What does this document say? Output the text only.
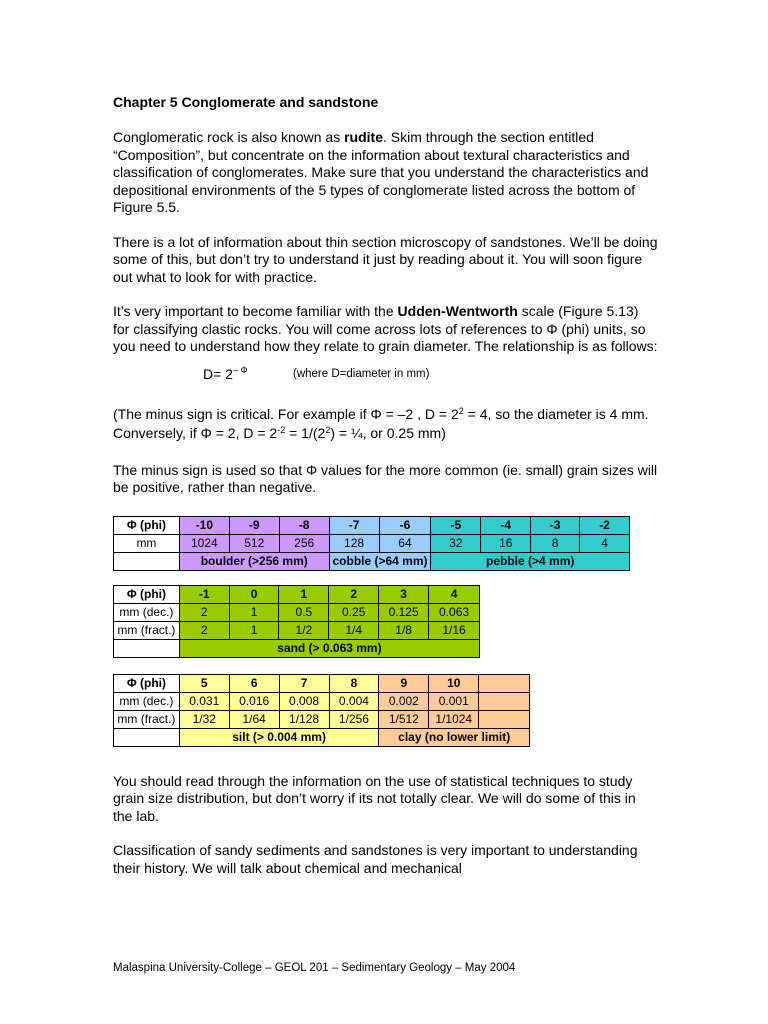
Chapter 5 Conglomerate and sandstone

Conglomeratic rock is also known as rudite. Skim through the section entitled “Composition”, but concentrate on the information about textural characteristics and classification of conglomerates. Make sure that you understand the characteristics and depositional environments of the 5 types of conglomerate listed across the bottom of Figure 5.5.

There is a lot of information about thin section microscopy of sandstones. We’ll be doing some of this, but don’t try to understand it just by reading about it. You will soon figure out what to look for with practice.

It’s very important to become familiar with the Udden-Wentworth scale (Figure 5.13) for classifying clastic rocks. You will come across lots of references to Φ (phi) units, so you need to understand how they relate to grain diameter. The relationship is as follows:

$D= 2^{- \Phi}$	(where D=diameter in mm)

(The minus sign is critical. For example if Φ = –2 , $D = 2^2 = 4$, so the diameter is 4 mm. Conversely, if Φ = 2, $D = 2^{-2} = 1/(2^2)$ = ¼, or 0.25 mm)

The minus sign is used so that Φ values for the more common (ie. small) grain sizes will be positive, rather than negative.

Φ (phi)	-10	-9	-8	-7	-6	-5	-4	-3	-2
mm	1024	512	256	128	64	32	16	8	4
	boulder (>256 mm)			cobble (>64 mm)		pebble (>4 mm)			
Φ (phi)	-1	0	1	2	3	4
mm (dec.)	2	1	0.5	0.25	0.125	0.063
mm (fract.)	2	1	1/2	1/4	1/8	1/16
	sand (> 0.063 mm)					
Φ (phi)	5	6	7	8	9	10	
mm (dec.)	0.031	0.016	0.008	0.004	0.002	0.001	
mm (fract.)	1/32	1/64	1/128	1/256	1/512	1/1024	
	silt (> 0.004 mm)				clay (no lower limit)		

You should read through the information on the use of statistical techniques to study grain size distribution, but don’t worry if its not totally clear. We will do some of this in the lab.

Classification of sandy sediments and sandstones is very important to understanding their history. We will talk about chemical and mechanical

Malaspina University-College – GEOL 201 – Sedimentary Geology – May 2004
